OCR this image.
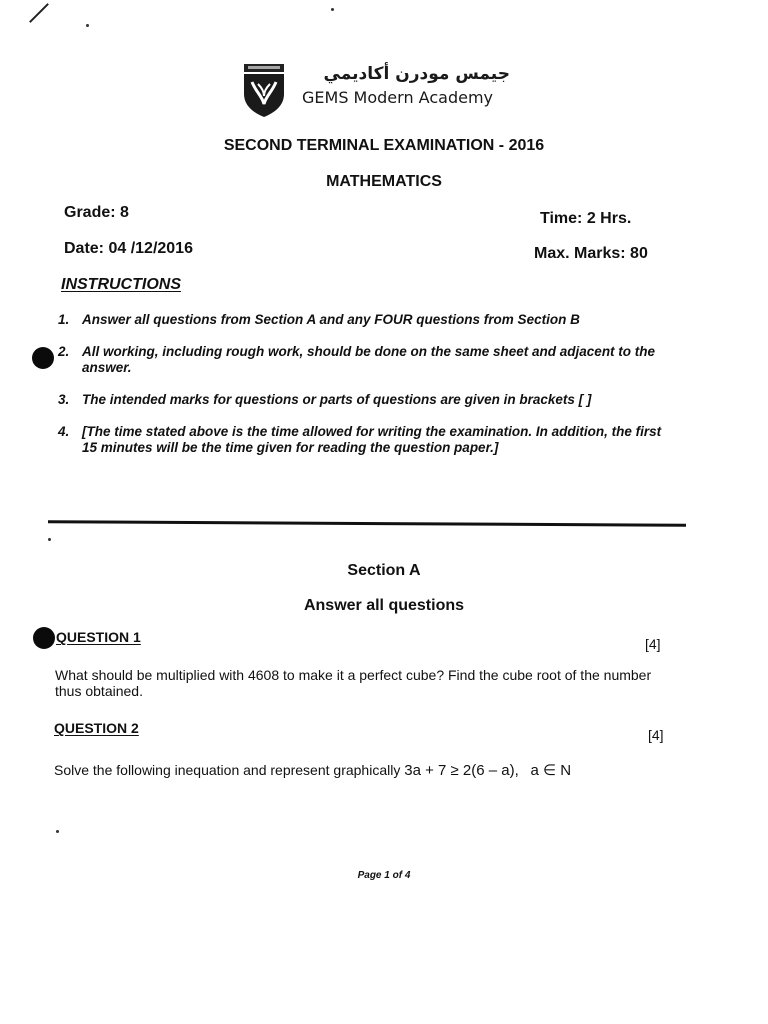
جيمس مودرن أكاديمي
GEMS Modern Academy
SECOND TERMINAL EXAMINATION - 2016
MATHEMATICS
Grade: 8	Time: 2 Hrs.
Date: 04 /12/2016	Max. Marks: 80
INSTRUCTIONS
1. Answer all questions from Section A and any FOUR questions from Section B
2. All working, including rough work, should be done on the same sheet and adjacent to the answer.
3. The intended marks for questions or parts of questions are given in brackets [ ]
4. [The time stated above is the time allowed for writing the examination. In addition, the first 15 minutes will be the time given for reading the question paper.]
Section A
Answer all questions
QUESTION 1	[4]
What should be multiplied with 4608 to make it a perfect cube? Find the cube root of the number thus obtained.
QUESTION 2	[4]
Solve the following inequation and represent graphically 3a + 7 ≥ 2(6 – a), a ∈ N
Page 1 of 4
